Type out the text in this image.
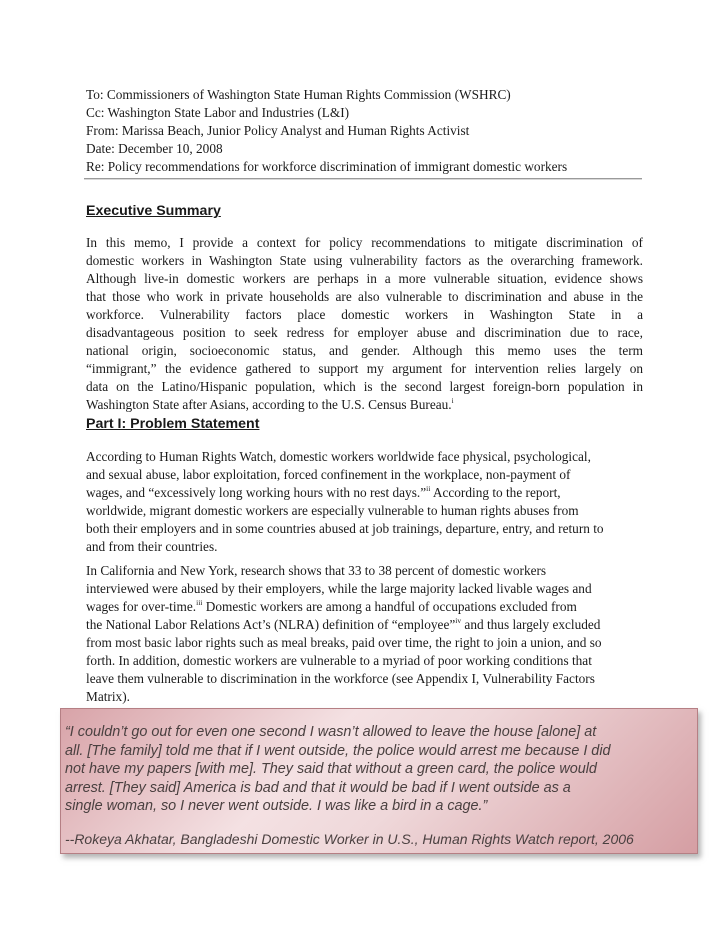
To: Commissioners of Washington State Human Rights Commission (WSHRC)
Cc: Washington State Labor and Industries (L&I)
From: Marissa Beach, Junior Policy Analyst and Human Rights Activist
Date: December 10, 2008
Re: Policy recommendations for workforce discrimination of immigrant domestic workers
Executive Summary
In this memo, I provide a context for policy recommendations to mitigate discrimination of
domestic workers in Washington State using vulnerability factors as the overarching framework.
Although live-in domestic workers are perhaps in a more vulnerable situation, evidence shows
that those who work in private households are also vulnerable to discrimination and abuse in the
workforce. Vulnerability factors place domestic workers in Washington State in a
disadvantageous position to seek redress for employer abuse and discrimination due to race,
national origin, socioeconomic status, and gender. Although this memo uses the term
“immigrant,” the evidence gathered to support my argument for intervention relies largely on
data on the Latino/Hispanic population, which is the second largest foreign-born population in
Washington State after Asians, according to the U.S. Census Bureau.$^i$
Part I: Problem Statement
According to Human Rights Watch, domestic workers worldwide face physical, psychological,
and sexual abuse, labor exploitation, forced confinement in the workplace, non-payment of
wages, and “excessively long working hours with no rest days.”$^{ii}$ According to the report,
worldwide, migrant domestic workers are especially vulnerable to human rights abuses from
both their employers and in some countries abused at job trainings, departure, entry, and return to
and from their countries.
In California and New York, research shows that 33 to 38 percent of domestic workers
interviewed were abused by their employers, while the large majority lacked livable wages and
wages for over-time.$^{iii}$ Domestic workers are among a handful of occupations excluded from
the National Labor Relations Act’s (NLRA) definition of “employee”$^{iv}$ and thus largely excluded
from most basic labor rights such as meal breaks, paid over time, the right to join a union, and so
forth. In addition, domestic workers are vulnerable to a myriad of poor working conditions that
leave them vulnerable to discrimination in the workforce (see Appendix I, Vulnerability Factors
Matrix).
“I couldn’t go out for even one second I wasn’t allowed to leave the house [alone] at
all. [The family] told me that if I went outside, the police would arrest me because I did
not have my papers [with me]. They said that without a green card, the police would
arrest. [They said] America is bad and that it would be bad if I went outside as a
single woman, so I never went outside. I was like a bird in a cage.”
--Rokeya Akhatar, Bangladeshi Domestic Worker in U.S., Human Rights Watch report, 2006
